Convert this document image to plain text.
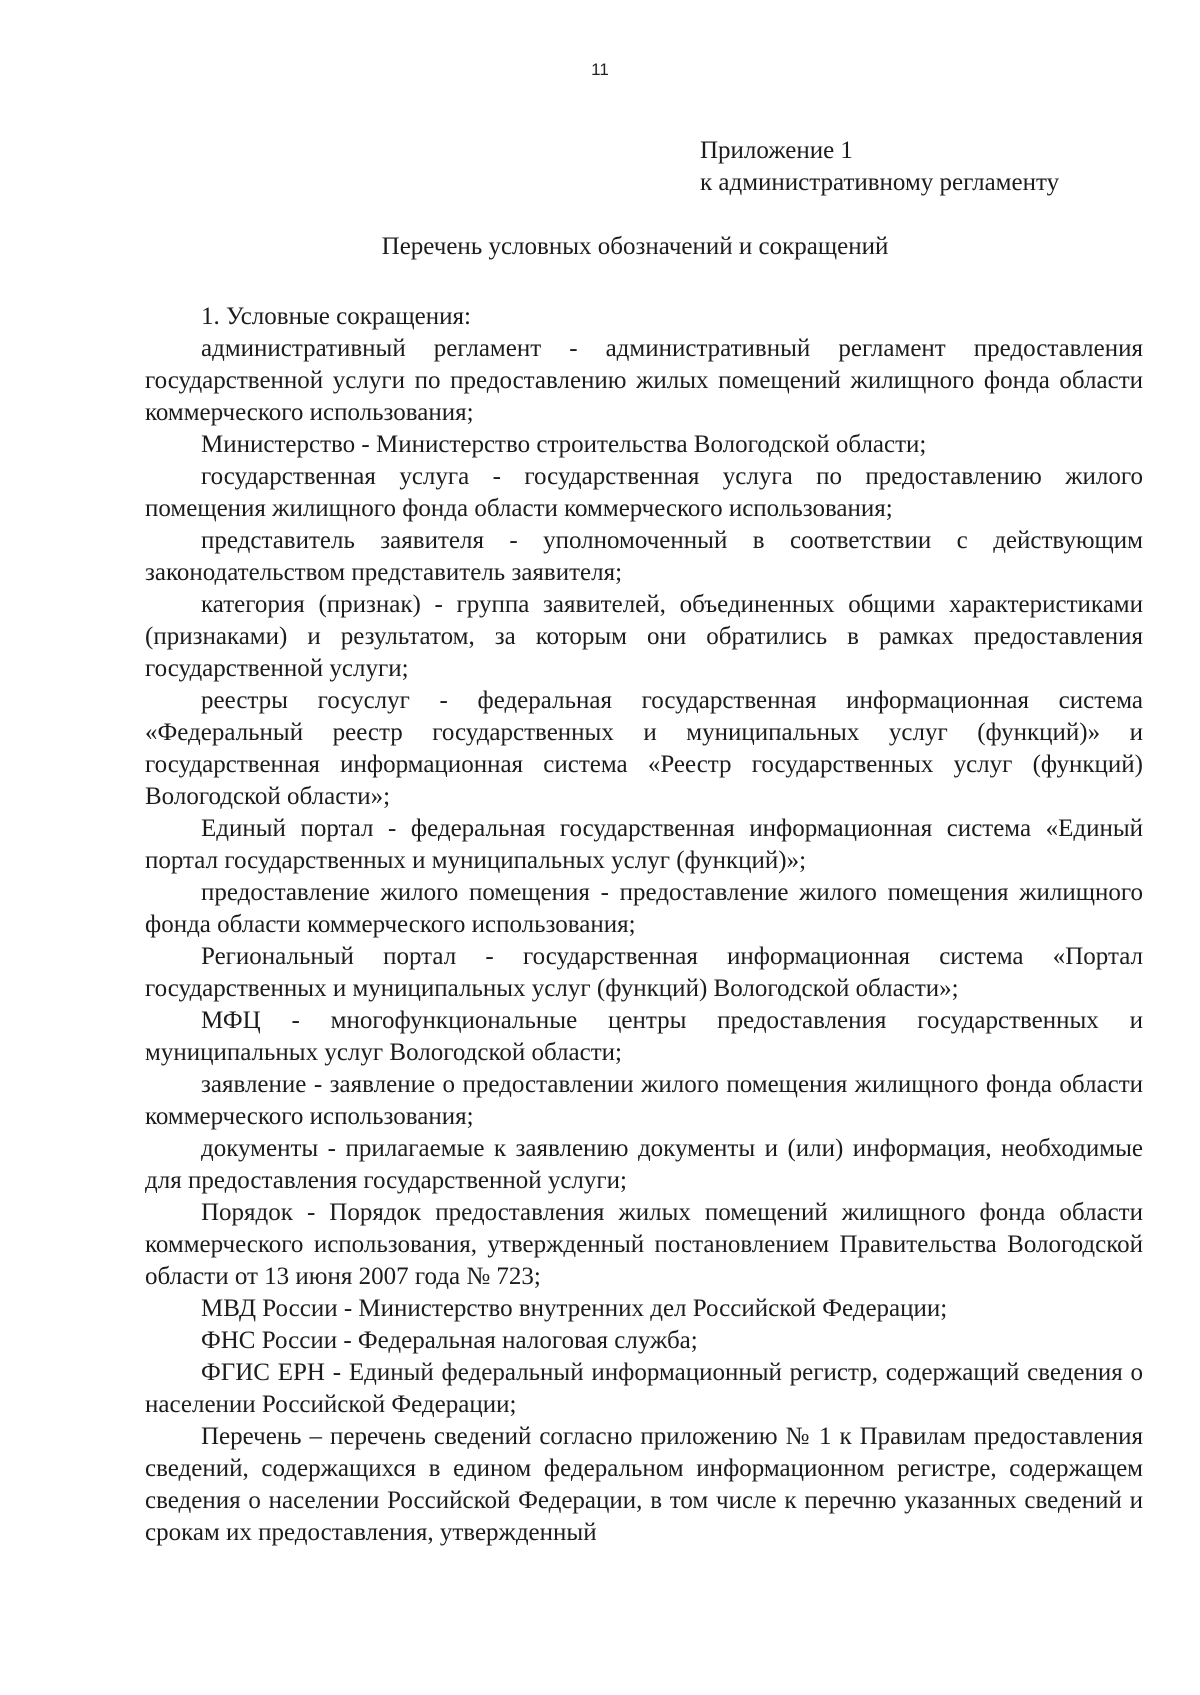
11
Приложение 1
к административному регламенту
Перечень условных обозначений и сокращений

1. Условные сокращения:

административный регламент - административный регламент предоставления государственной услуги по предоставлению жилых помещений жилищного фонда области коммерческого использования;

Министерство - Министерство строительства Вологодской области;

государственная услуга - государственная услуга по предоставлению жилого помещения жилищного фонда области коммерческого использования;

представитель заявителя - уполномоченный в соответствии с действующим законодательством представитель заявителя;

категория (признак) - группа заявителей, объединенных общими характеристиками (признаками) и результатом, за которым они обратились в рамках предоставления государственной услуги;

реестры госуслуг - федеральная государственная информационная система «Федеральный реестр государственных и муниципальных услуг (функций)» и государственная информационная система «Реестр государственных услуг (функций) Вологодской области»;

Единый портал - федеральная государственная информационная система «Единый портал государственных и муниципальных услуг (функций)»;

предоставление жилого помещения - предоставление жилого помещения жилищного фонда области коммерческого использования;

Региональный портал - государственная информационная система «Портал государственных и муниципальных услуг (функций) Вологодской области»;

МФЦ - многофункциональные центры предоставления государственных и муниципальных услуг Вологодской области;

заявление - заявление о предоставлении жилого помещения жилищного фонда области коммерческого использования;

документы - прилагаемые к заявлению документы и (или) информация, необходимые для предоставления государственной услуги;

Порядок - Порядок предоставления жилых помещений жилищного фонда области коммерческого использования, утвержденный постановлением Правительства Вологодской области от 13 июня 2007 года № 723;

МВД России - Министерство внутренних дел Российской Федерации;

ФНС России - Федеральная налоговая служба;

ФГИС ЕРН - Единый федеральный информационный регистр, содержащий сведения о населении Российской Федерации;

Перечень – перечень сведений согласно приложению № 1 к Правилам предоставления сведений, содержащихся в едином федеральном информационном регистре, содержащем сведения о населении Российской Федерации, в том числе к перечню указанных сведений и срокам их предоставления, утвержденный
